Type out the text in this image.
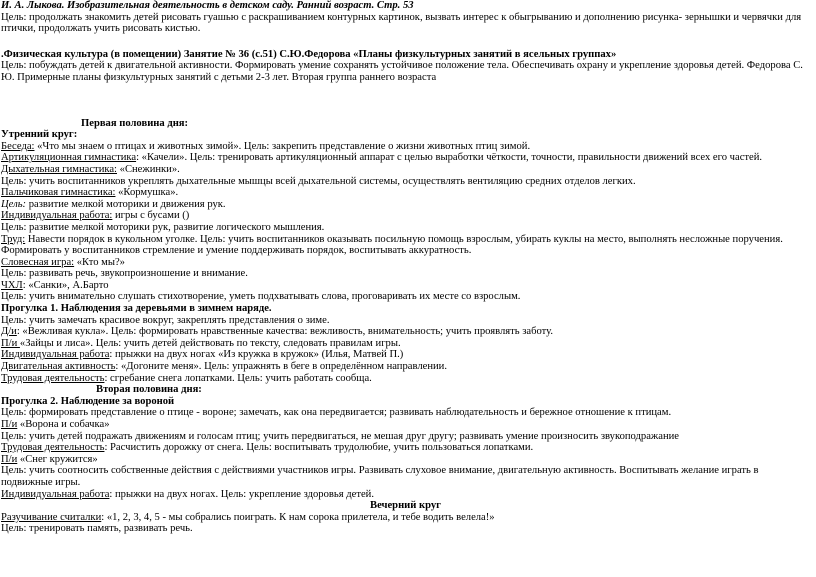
И. А. Лыкова. Изобразительная деятельность в детском саду. Ранний возраст. Стр. 53

Цель: продолжать знакомить детей рисовать гуашью с раскрашиванием контурных картинок, вызвать интерес к обыгрыванию и дополнению рисунка- зернышки и червячки для птички, продолжать учить рисовать кистью.

.Физическая культура (в помещении) Занятие № 36 (с.51) С.Ю.Федорова «Планы физкультурных занятий в ясельных группах»

Цель: побуждать детей к двигательной активности. Формировать умение сохранять устойчивое положение тела. Обеспечивать охрану и укрепление здоровья детей. Федорова С. Ю. Примерные планы физкультурных занятий с детьми 2-3 лет. Вторая группа раннего возраста

Первая половина дня:

Утренний круг:

Беседа: «Что мы знаем о птицах и животных зимой». Цель: закрепить представление о жизни животных птиц зимой.

Артикуляционная гимнастика: «Качели». Цель: тренировать артикуляционный аппарат с целью выработки чёткости, точности, правильности движений всех его частей.

Дыхательная гимнастика: «Снежинки».

Цель: учить воспитанников укреплять дыхательные мышцы всей дыхательной системы, осуществлять вентиляцию средних отделов легких.

Пальчиковая гимнастика: «Кормушка».

Цель: развитие мелкой моторики и движения рук.

Индивидуальная работа: игры с бусами ()

Цель: развитие мелкой моторики рук, развитие логического мышления.

Труд: Навести порядок в кукольном уголке. Цель: учить воспитанников оказывать посильную помощь взрослым, убирать куклы на место, выполнять несложные поручения. Формировать у воспитанников стремление и умение поддерживать порядок, воспитывать аккуратность.

Словесная игра: «Кто мы?»

Цель: развивать речь, звукопроизношение и внимание.

ЧХЛ: «Санки», А.Барто

Цель: учить внимательно слушать стихотворение, уметь подхватывать слова, проговаривать их месте со взрослым.

Прогулка 1. Наблюдения за деревьями в зимнем наряде.

Цель: учить замечать красивое вокруг, закреплять представления о зиме.

Д/и: «Вежливая кукла». Цель: формировать нравственные качества: вежливость, внимательность; учить проявлять заботу.

П/и «Зайцы и лиса». Цель: учить детей действовать по тексту, следовать правилам игры.

Индивидуальная работа: прыжки на двух ногах «Из кружка в кружок» (Илья, Матвей П.)

Двигательная активность: «Догоните меня». Цель: упражнять в беге в определённом направлении.

Трудовая деятельность: сгребание снега лопатками. Цель: учить работать сообща.

Вторая половина дня:

Прогулка 2. Наблюдение за вороной

Цель: формировать представление о птице - вороне; замечать, как она передвигается; развивать наблюдательность и бережное отношение к птицам.

П/и «Ворона и собачка»

Цель: учить детей подражать движениям и голосам птиц; учить передвигаться, не мешая друг другу; развивать умение произносить звукоподражание

Трудовая деятельность: Расчистить дорожку от снега. Цель: воспитывать трудолюбие, учить пользоваться лопатками.

П/и «Снег кружится»

Цель: учить соотносить собственные действия с действиями участников игры. Развивать слуховое внимание, двигательную активность. Воспитывать желание играть в подвижные игры.

Индивидуальная работа: прыжки на двух ногах. Цель: укрепление здоровья детей.

Вечерний круг

Разучивание считалки: «1, 2, 3, 4, 5 - мы собрались поиграть. К нам сорока прилетела, и тебе водить велела!»

Цель: тренировать память, развивать речь.
